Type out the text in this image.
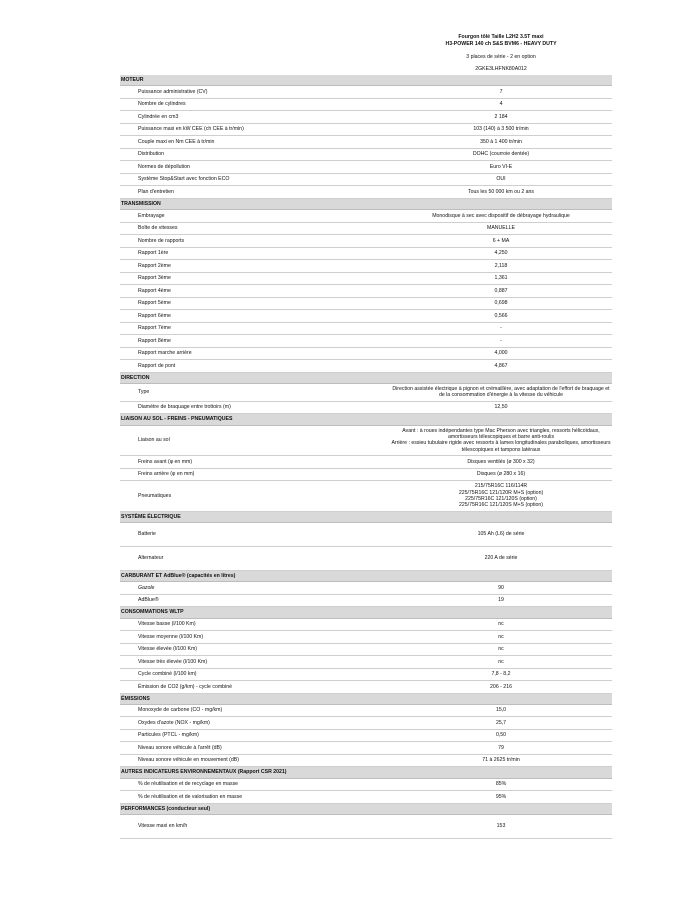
Fourgon tôlé Taille L2H2 3.5T maxi
H3-POWER 140 ch S&S BVM6 - HEAVY DUTY
3 places de série - 2 en option
2GKE3LHFNK80A012
MOTEUR	
Puissance administrative (CV)	7
Nombre de cylindres	4
Cylindrée en cm3	2 184
Puissance maxi en kW CEE (ch CEE à tr/min)	103 (140) à 3 500 tr/min
Couple maxi en Nm CEE à tr/min	350 à 1 400 tr/min
Distribution	DOHC (courroie dentée)
Normes de dépollution	Euro VI-E
Système Stop&Start avec fonction ECO	OUI
Plan d'entretien	Tous les 50 000 km ou 2 ans
TRANSMISSION	
Embrayage	Monodisque à sec avec dispositif de débrayage hydraulique
Boîte de vitesses	MANUELLE
Nombre de rapports	6 + MA
Rapport 1ère	4,250
Rapport 2ème	2,118
Rapport 3ème	1,361
Rapport 4ème	0,887
Rapport 5ème	0,698
Rapport 6ème	0,566
Rapport 7ème	-
Rapport 8ème	-
Rapport marche arrière	4,000
Rapport de pont	4,867
DIRECTION	
Type	Direction assistée électrique à pignon et crémaillère, avec adaptation de l'effort de braquage et de la consommation d'énergie à la vitesse du véhicule
Diamètre de braquage entre trottoirs (m)	12,50
LIAISON AU SOL - FREINS - PNEUMATIQUES	
Liaison au sol	Avant : à roues indépendantes type Mac Pherson avec triangles, ressorts hélicoïdaux, amortisseurs télescopiques et barre anti-roulis
Arrière : essieu tubulaire rigide avec ressorts à lames longitudinales paraboliques, amortisseurs télescopiques et tampons latéraux

Freins avant (φ en mm)	Disques ventilés (ø 300 x 32)
Freins arrière (φ en mm)	Disques (ø 280 x 16)
Pneumatiques	215/75R16C 116/114R
225/75R16C 121/120R M+S (option)
225/75R16C 121/120S (option)
225/75R16C 121/120S M+S (option)

SYSTÈME ÉLECTRIQUE	
Batterie	105 Ah (L6) de série
Alternateur	220 A de série
CARBURANT ET AdBlue® (capacités en litres)	
Gazole	90
AdBlue®	19
CONSOMMATIONS WLTP	
Vitesse basse (l/100 Km)	nc
Vitesse moyenne (l/100 Km)	nc
Vitesse élevée (l/100 Km)	nc
Vitesse très élevée (l/100 Km)	nc
Cycle combiné (l/100 km)	7,8 - 8,2
Émission de CO2 (g/km) - cycle combiné	206 - 216
ÉMISSIONS	
Monoxyde de carbone (CO - mg/km)	15,0
Oxydes d'azote (NOX - mg/km)	25,7
Particules (PTCL - mg/km)	0,50
Niveau sonore véhicule à l'arrêt (dB)	79
Niveau sonore véhicule en mouvement (dB)	71 à 2625 tr/min
AUTRES INDICATEURS ENVIRONNEMENTAUX (Rapport CSR 2021)	
% de réutilisation et de recyclage en masse	85%
% de réutilisation et de valorisation en masse	95%
PERFORMANCES (conducteur seul)	
Vitesse maxi en km/h	153
